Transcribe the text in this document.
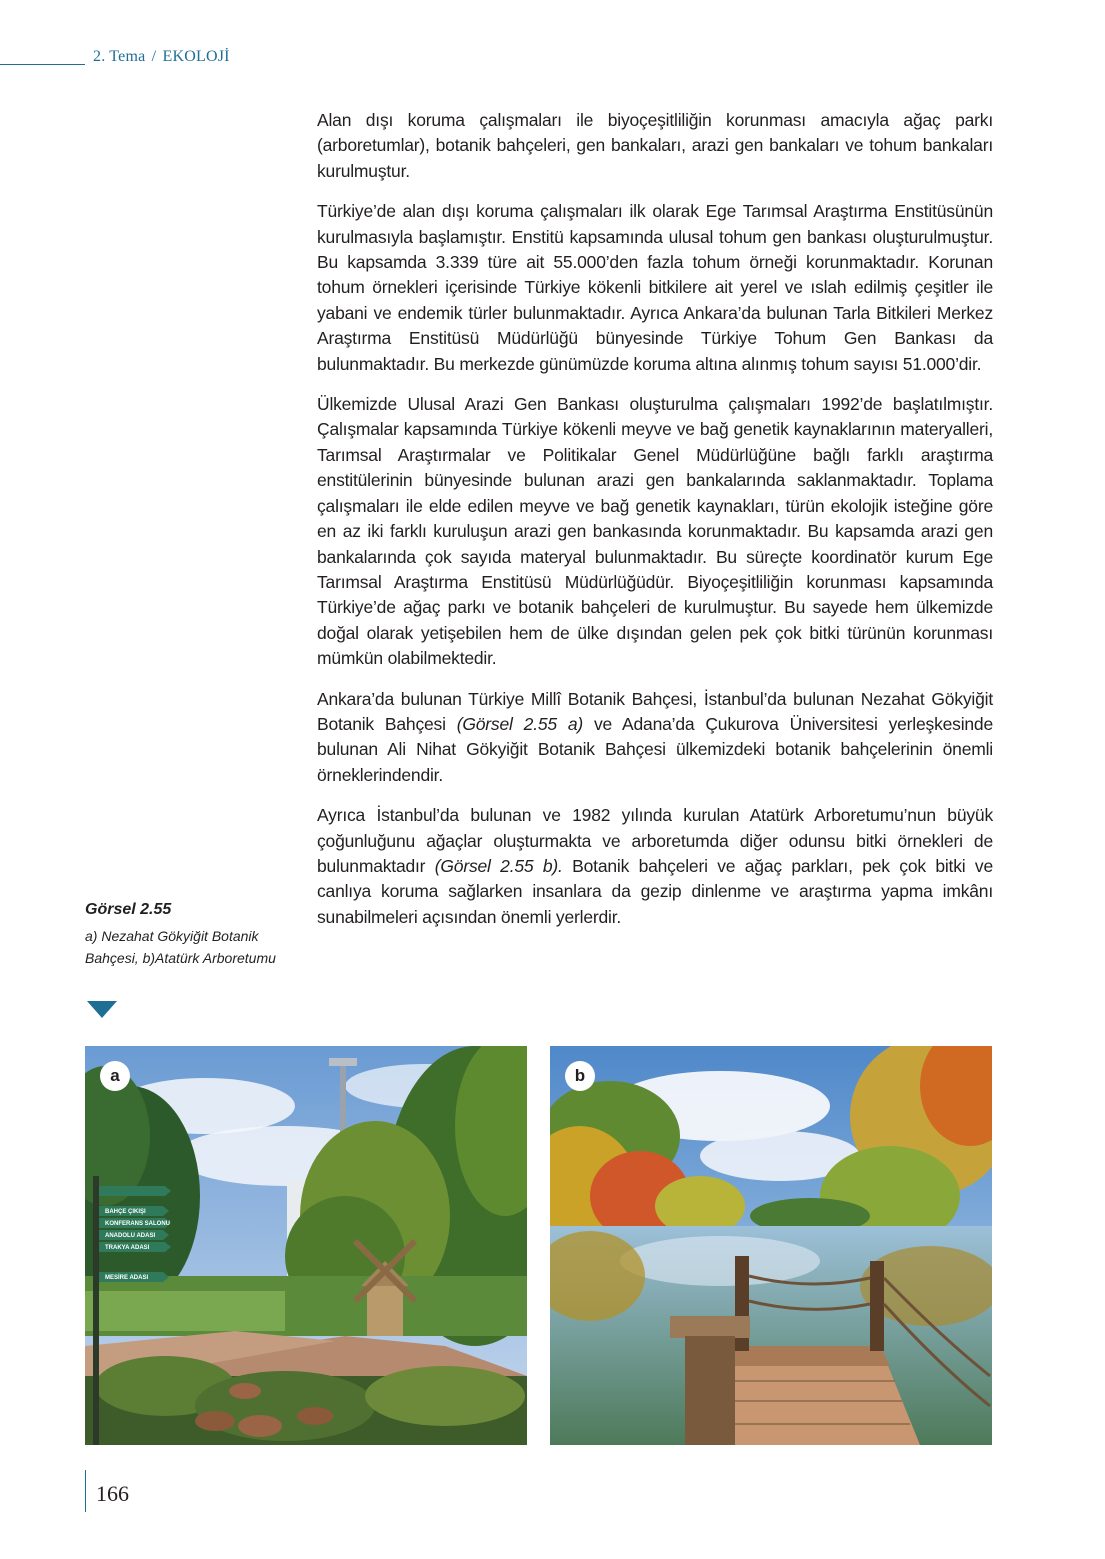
2. Tema / EKOLOJİ

Alan dışı koruma çalışmaları ile biyoçeşitliliğin korunması amacıyla ağaç parkı (arboretumlar), botanik bahçeleri, gen bankaları, arazi gen bankaları ve tohum bankaları kurulmuştur.

Türkiye’de alan dışı koruma çalışmaları ilk olarak Ege Tarımsal Araştırma Enstitüsünün kurulmasıyla başlamıştır. Enstitü kapsamında ulusal tohum gen bankası oluşturulmuştur. Bu kapsamda 3.339 türe ait 55.000’den fazla tohum örneği korunmaktadır. Korunan tohum örnekleri içerisinde Türkiye kökenli bitkilere ait yerel ve ıslah edilmiş çeşitler ile yabani ve endemik türler bulunmaktadır. Ayrıca Ankara’da bulunan Tarla Bitkileri Merkez Araştırma Enstitüsü Müdürlüğü bünyesinde Türkiye Tohum Gen Bankası da bulunmaktadır. Bu merkezde günümüzde koruma altına alınmış tohum sayısı 51.000’dir.

Ülkemizde Ulusal Arazi Gen Bankası oluşturulma çalışmaları 1992’de başlatılmıştır. Çalışmalar kapsamında Türkiye kökenli meyve ve bağ genetik kaynaklarının materyalleri, Tarımsal Araştırmalar ve Politikalar Genel Müdürlüğüne bağlı farklı araştırma enstitülerinin bünyesinde bulunan arazi gen bankalarında saklanmaktadır. Toplama çalışmaları ile elde edilen meyve ve bağ genetik kaynakları, türün ekolojik isteğine göre en az iki farklı kuruluşun arazi gen bankasında korunmaktadır. Bu kapsamda arazi gen bankalarında çok sayıda materyal bulunmaktadır. Bu süreçte koordinatör kurum Ege Tarımsal Araştırma Enstitüsü Müdürlüğüdür. Biyoçeşitliliğin korunması kapsamında Türkiye’de ağaç parkı ve botanik bahçeleri de kurulmuştur. Bu sayede hem ülkemizde doğal olarak yetişebilen hem de ülke dışından gelen pek çok bitki türünün korunması mümkün olabilmektedir.

Ankara’da bulunan Türkiye Millî Botanik Bahçesi, İstanbul’da bulunan Nezahat Gökyiğit Botanik Bahçesi (Görsel 2.55 a) ve Adana’da Çukurova Üniversitesi yerleşkesinde bulunan Ali Nihat Gökyiğit Botanik Bahçesi ülkemizdeki botanik bahçelerinin önemli örneklerindendir.

Ayrıca İstanbul’da bulunan ve 1982 yılında kurulan Atatürk Arboretumu’nun büyük çoğunluğunu ağaçlar oluşturmakta ve arboretumda diğer odunsu bitki örnekleri de bulunmaktadır (Görsel 2.55 b). Botanik bahçeleri ve ağaç parkları, pek çok bitki ve canlıya koruma sağlarken insanlara da gezip dinlenme ve araştırma yapma imkânı sunabilmeleri açısından önemli yerlerdir.

Görsel 2.55
a) Nezahat Gökyiğit Botanik Bahçesi, b)Atatürk Arboretumu
BAHÇE ÇIKIŞI
KONFERANS SALONU
ANADOLU ADASI
TRAKYA ADASI
MESİRE ADASI
a	b
166
